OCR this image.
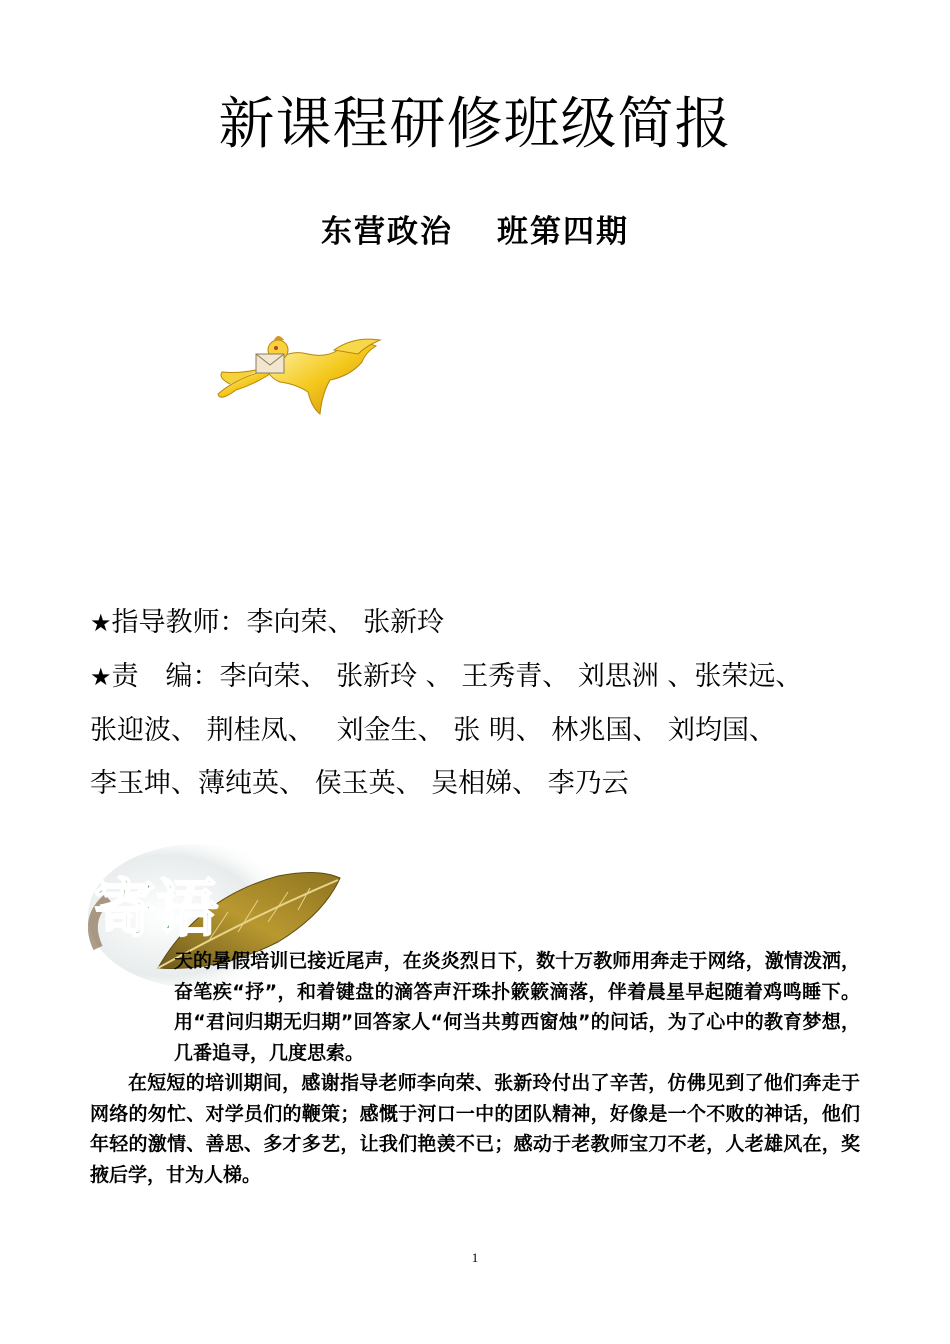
新课程研修班级简报
东营政治 班第四期
★指导教师：李向荣、 张新玲
★责　编：李向荣、 张新玲 、 王秀青、 刘思洲 、张荣远、
张迎波、 荆桂凤、　 刘金生、 张 明、 林兆国、 刘均国、
李玉坤、薄纯英、 侯玉英、 吴相娣、 李乃云
寄语

天的暑假培训已接近尾声，在炎炎烈日下，数十万教师用奔走于网络，激情泼洒，奋笔疾“抒”，和着键盘的滴答声汗珠扑簌簌滴落，伴着晨星早起随着鸡鸣睡下。用“君问归期无归期”回答家人“何当共剪西窗烛”的问话，为了心中的教育梦想，几番追寻，几度思索。

在短短的培训期间，感谢指导老师李向荣、张新玲付出了辛苦，仿佛见到了他们奔走于网络的匆忙、对学员们的鞭策；感慨于河口一中的团队精神，好像是一个不败的神话，他们年轻的激情、善思、多才多艺，让我们艳羡不已；感动于老教师宝刀不老，人老雄风在，奖掖后学，甘为人梯。

1
